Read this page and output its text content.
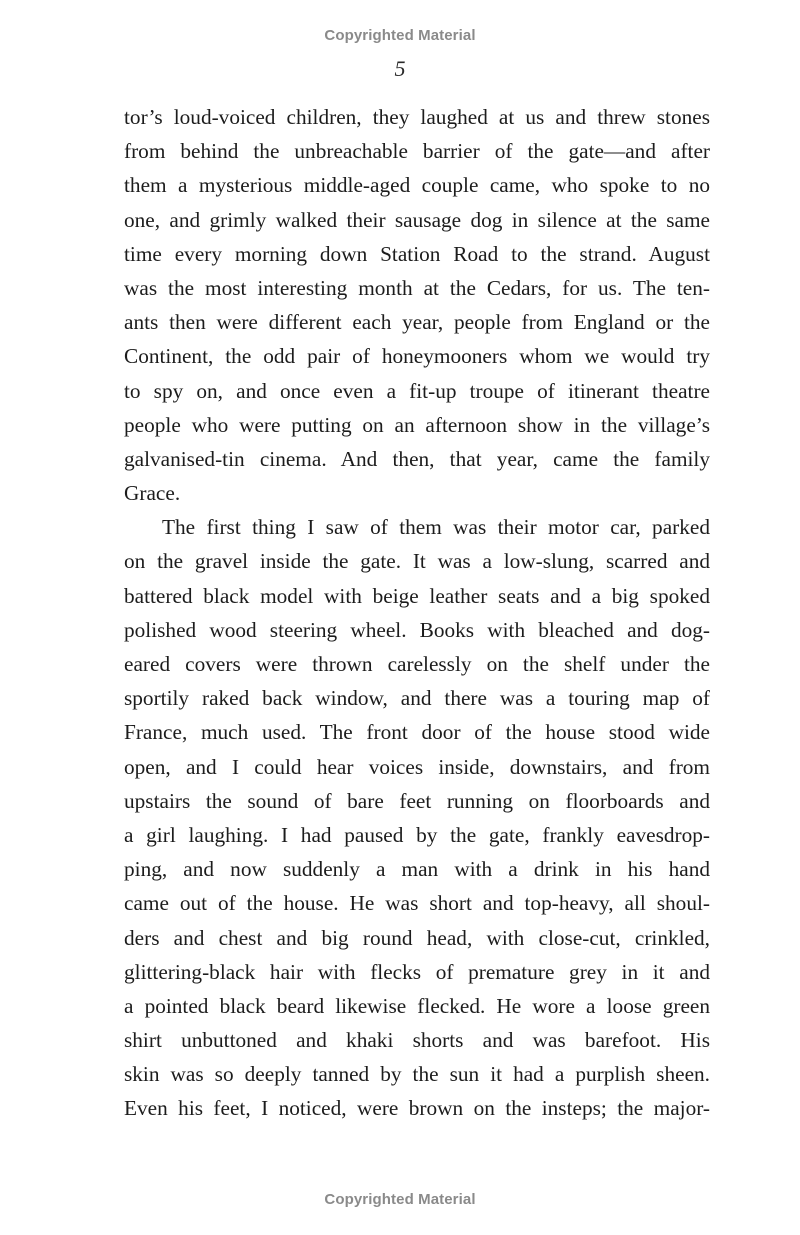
Copyrighted Material
5
tor’s loud-voiced children, they laughed at us and threw stones
from behind the unbreachable barrier of the gate—and after
them a mysterious middle-aged couple came, who spoke to no
one, and grimly walked their sausage dog in silence at the same
time every morning down Station Road to the strand. August
was the most interesting month at the Cedars, for us. The ten-
ants then were different each year, people from England or the
Continent, the odd pair of honeymooners whom we would try
to spy on, and once even a fit-up troupe of itinerant theatre
people who were putting on an afternoon show in the village’s
galvanised-tin cinema. And then, that year, came the family
Grace.
The first thing I saw of them was their motor car, parked
on the gravel inside the gate. It was a low-slung, scarred and
battered black model with beige leather seats and a big spoked
polished wood steering wheel. Books with bleached and dog-
eared covers were thrown carelessly on the shelf under the
sportily raked back window, and there was a touring map of
France, much used. The front door of the house stood wide
open, and I could hear voices inside, downstairs, and from
upstairs the sound of bare feet running on floorboards and
a girl laughing. I had paused by the gate, frankly eavesdrop-
ping, and now suddenly a man with a drink in his hand
came out of the house. He was short and top-heavy, all shoul-
ders and chest and big round head, with close-cut, crinkled,
glittering-black hair with flecks of premature grey in it and
a pointed black beard likewise flecked. He wore a loose green
shirt unbuttoned and khaki shorts and was barefoot. His
skin was so deeply tanned by the sun it had a purplish sheen.
Even his feet, I noticed, were brown on the insteps; the major-
Copyrighted Material
